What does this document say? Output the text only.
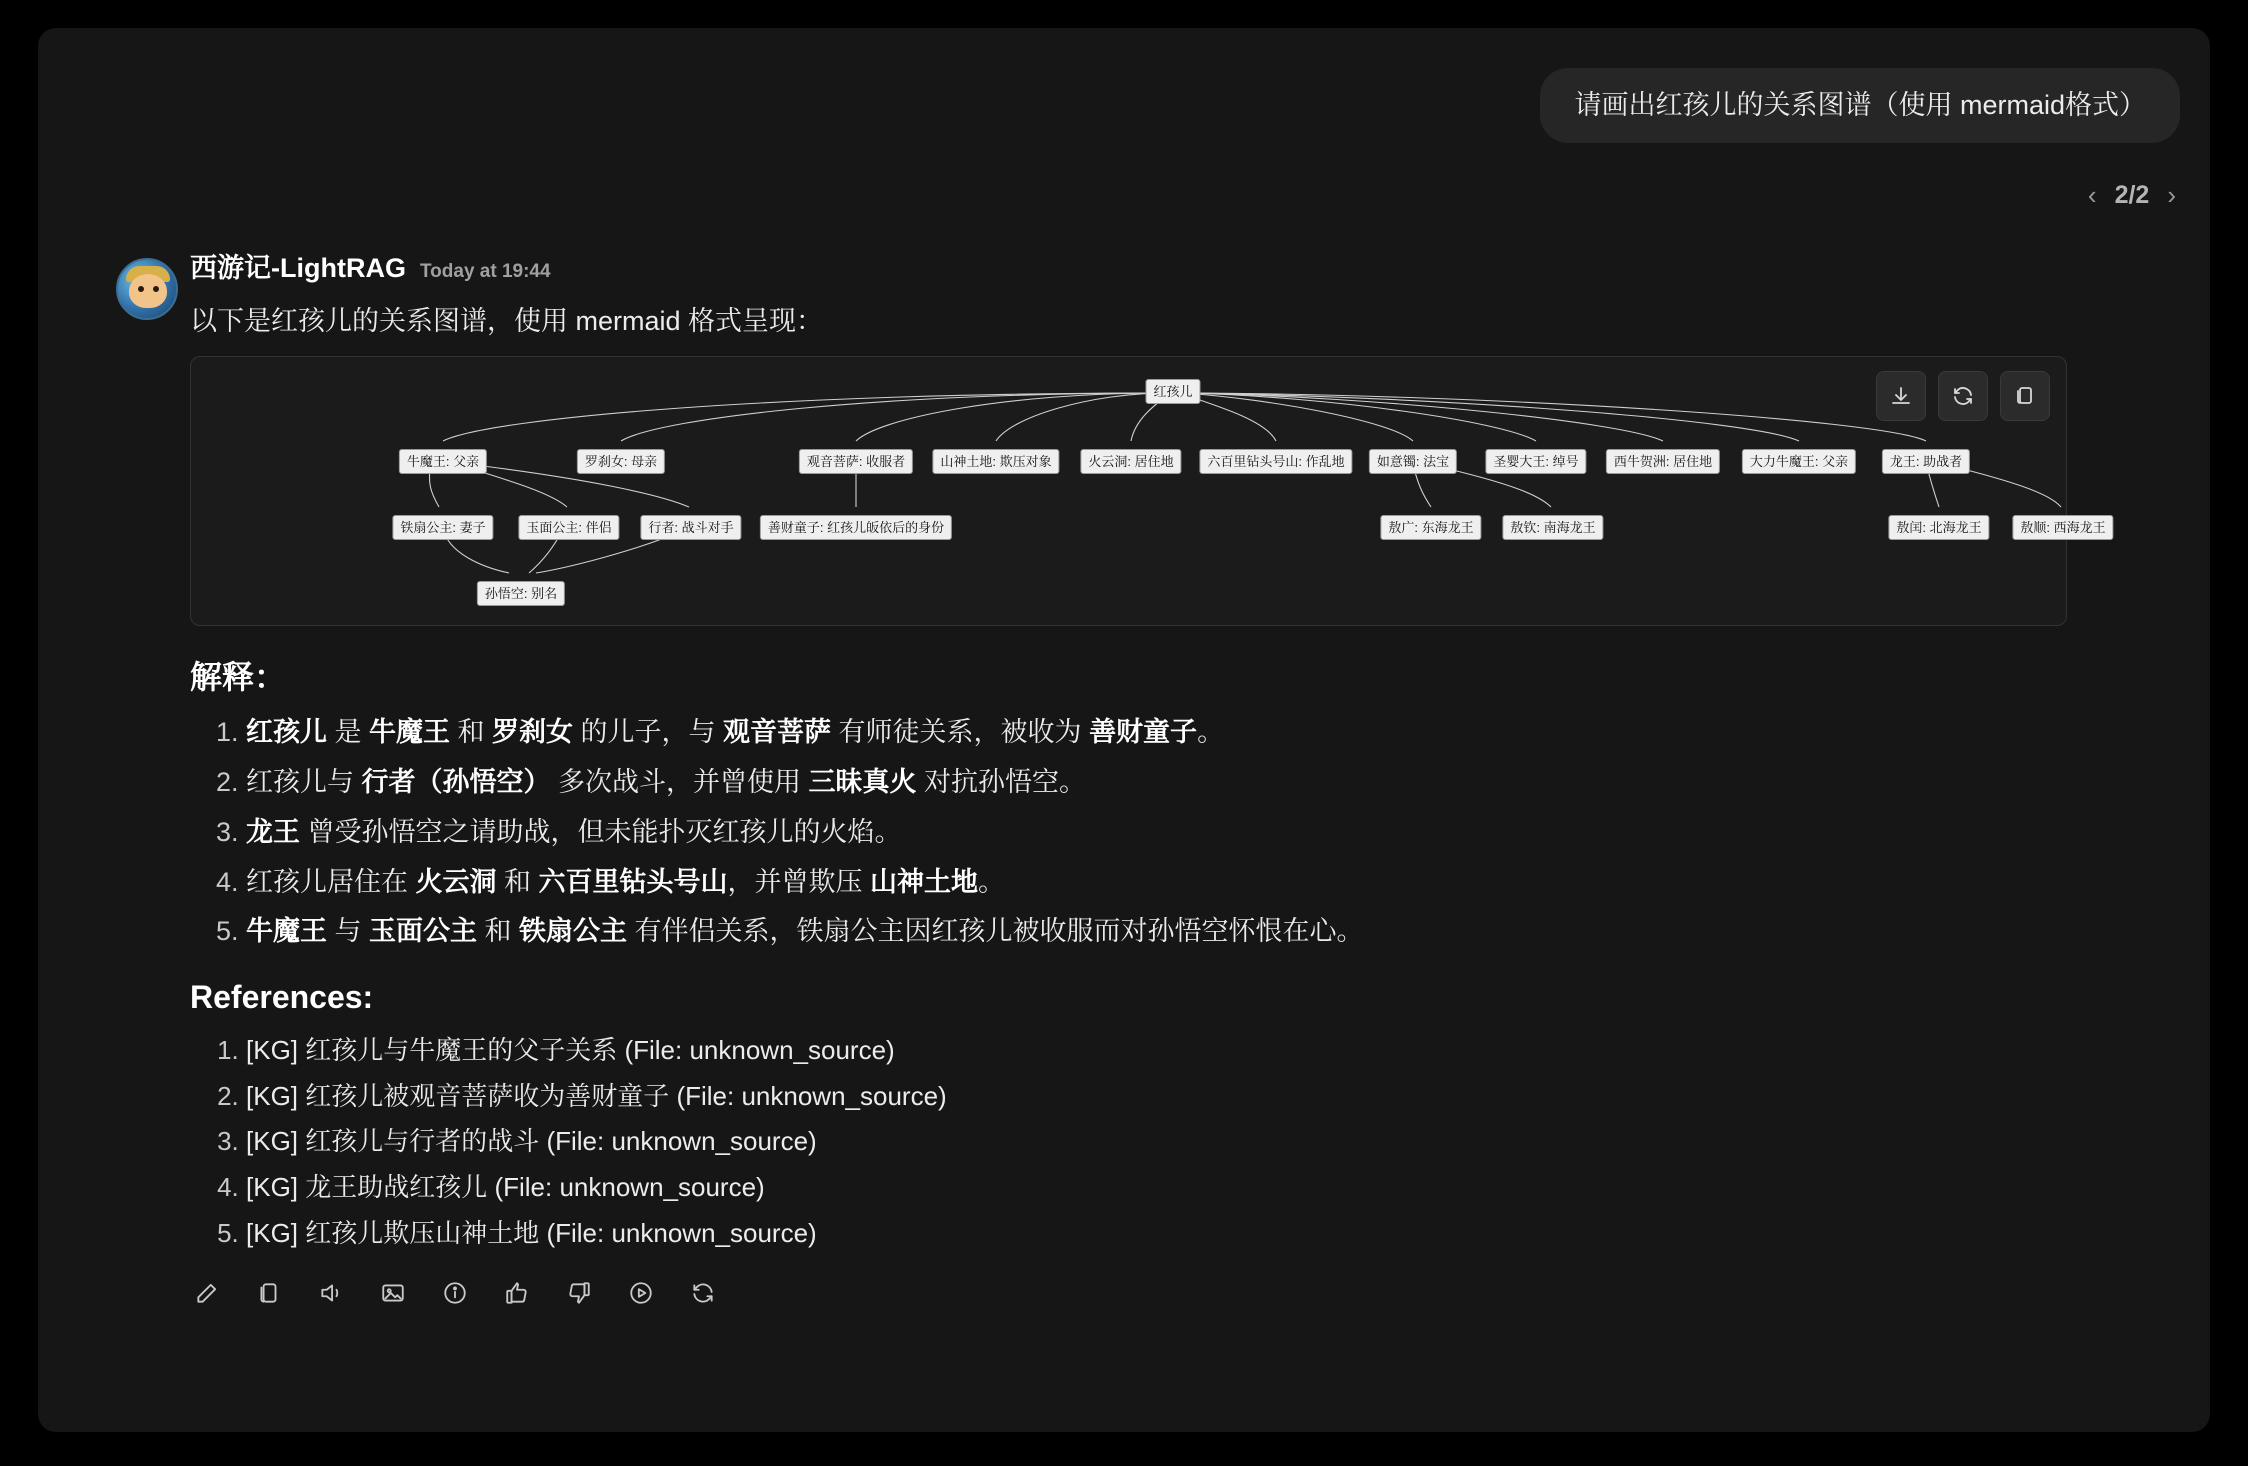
请画出红孩儿的关系图谱（使用 mermaid格式）
‹ 2/2 ›
西游记-LightRAG Today at 19:44
以下是红孩儿的关系图谱，使用 mermaid 格式呈现：
红孩儿
牛魔王: 父亲	罗刹女: 母亲	观音菩萨: 收服者	山神土地: 欺压对象	火云洞: 居住地	六百里钻头号山: 作乱地	如意镯: 法宝	圣婴大王: 绰号	西牛贺洲: 居住地	大力牛魔王: 父亲	龙王: 助战者
铁扇公主: 妻子	玉面公主: 伴侣	行者: 战斗对手	善财童子: 红孩儿皈依后的身份	敖广: 东海龙王	敖钦: 南海龙王	敖闰: 北海龙王	敖顺: 西海龙王
孙悟空: 别名
解释：
1. 红孩儿 是 牛魔王 和 罗刹女 的儿子，与 观音菩萨 有师徒关系，被收为 善财童子。
2. 红孩儿与 行者（孙悟空） 多次战斗，并曾使用 三昧真火 对抗孙悟空。
3. 龙王 曾受孙悟空之请助战，但未能扑灭红孩儿的火焰。
4. 红孩儿居住在 火云洞 和 六百里钻头号山，并曾欺压 山神土地。
5. 牛魔王 与 玉面公主 和 铁扇公主 有伴侣关系，铁扇公主因红孩儿被收服而对孙悟空怀恨在心。
References:
1. [KG] 红孩儿与牛魔王的父子关系 (File: unknown_source)
2. [KG] 红孩儿被观音菩萨收为善财童子 (File: unknown_source)
3. [KG] 红孩儿与行者的战斗 (File: unknown_source)
4. [KG] 龙王助战红孩儿 (File: unknown_source)
5. [KG] 红孩儿欺压山神土地 (File: unknown_source)
